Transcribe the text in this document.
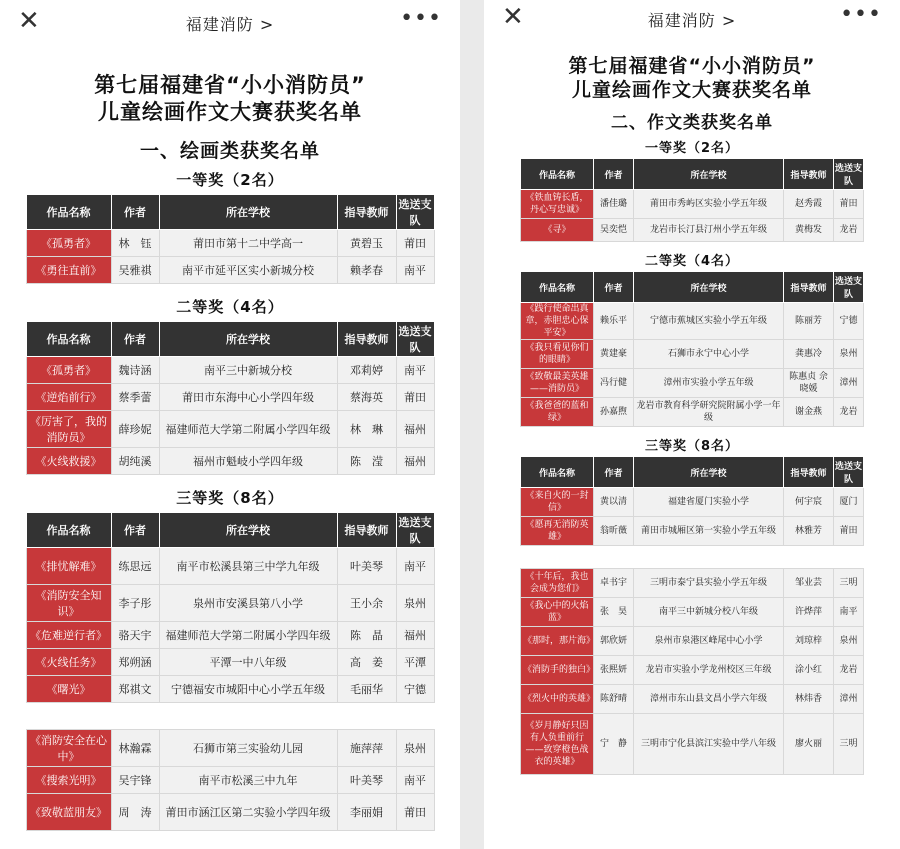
✕	福建消防 >	•••
第七届福建省“小小消防员”
儿童绘画作文大赛获奖名单
一、绘画类获奖名单
一等奖（2名）
作品名称	作者	所在学校	指导教师	选送支队
《孤勇者》	林　钰	莆田市第十二中学高一	黄碧玉	莆田
《勇往直前》	吴雅祺	南平市延平区实小新城分校	赖孝春	南平
二等奖（4名）
作品名称	作者	所在学校	指导教师	选送支队
《孤勇者》	魏诗涵	南平三中新城分校	邓莉婷	南平
《逆焰前行》	蔡季蕾	莆田市东海中心小学四年级	蔡海英	莆田
《厉害了，我的消防员》	薛珍妮	福建师范大学第二附属小学四年级	林　琳	福州
《火线救援》	胡纯溪	福州市魁岐小学四年级	陈　滢	福州
三等奖（8名）
作品名称	作者	所在学校	指导教师	选送支队
《排忧解难》	练思远	南平市松溪县第三中学九年级	叶美琴	南平
《消防安全知识》	李子彤	泉州市安溪县第八小学	王小余	泉州
《危难逆行者》	骆天宇	福建师范大学第二附属小学四年级	陈　晶	福州
《火线任务》	郑朔涵	平潭一中八年级	高　姜	平潭
《曙光》	郑祺文	宁德福安市城阳中心小学五年级	毛丽华	宁德

《消防安全在心中》	林瀚霖	石狮市第三实验幼儿园	施萍萍	泉州
《搜索光明》	吴宇锋	南平市松溪三中九年	叶美琴	南平
《致敬蓝朋友》	周　涛	莆田市涵江区第二实验小学四年级	李丽娟	莆田
✕	福建消防 >	•••
第七届福建省“小小消防员”
儿童绘画作文大赛获奖名单
二、作文类获奖名单
一等奖（2名）
作品名称	作者	所在学校	指导教师	选送支队
《铁血铸长盾，丹心写忠诚》	潘佳璐	莆田市秀屿区实验小学五年级	赵秀霞	莆田
《寻》	吴奕恺	龙岩市长汀县汀州小学五年级	黄梅发	龙岩
二等奖（4名）
作品名称	作者	所在学校	指导教师	选送支队
《践行使命出真章，赤胆忠心保平安》	赖乐平	宁德市蕉城区实验小学五年级	陈丽芳	宁德
《我只看见你们的眼睛》	黄建豪	石狮市永宁中心小学	龚惠冷	泉州
《致敬最美英雄——消防员》	冯行健	漳州市实验小学五年级	陈惠贞 佘晓媛	漳州
《我爸爸的蓝和绿》	孙嘉煦	龙岩市教育科学研究院附属小学一年级	谢金燕	龙岩
三等奖（8名）
作品名称	作者	所在学校	指导教师	选送支队
《来自火的一封信》	黄以清	福建省厦门实验小学	何宇宸	厦门
《愿再无消防英雄》	翁昕薇	莆田市城厢区第一实验小学五年级	林雅芳	莆田

《十年后，我也会成为您们》	卓书宇	三明市泰宁县实验小学五年级	邹业芸	三明
《我心中的火焰蓝》	张　昊	南平三中新城分校八年级	许烨萍	南平
《那时，那片海》	郭欣妍	泉州市泉港区峰尾中心小学	刘琼梓	泉州
《消防手的独白》	张熙妍	龙岩市实验小学龙州校区三年级	涂小红	龙岩
《烈火中的英雄》	陈舒晴	漳州市东山县文昌小学六年级	林炜香	漳州
《岁月静好只因有人负重前行——致穿橙色战衣的英雄》	宁　静	三明市宁化县滨江实验中学八年级	廖火丽	三明
